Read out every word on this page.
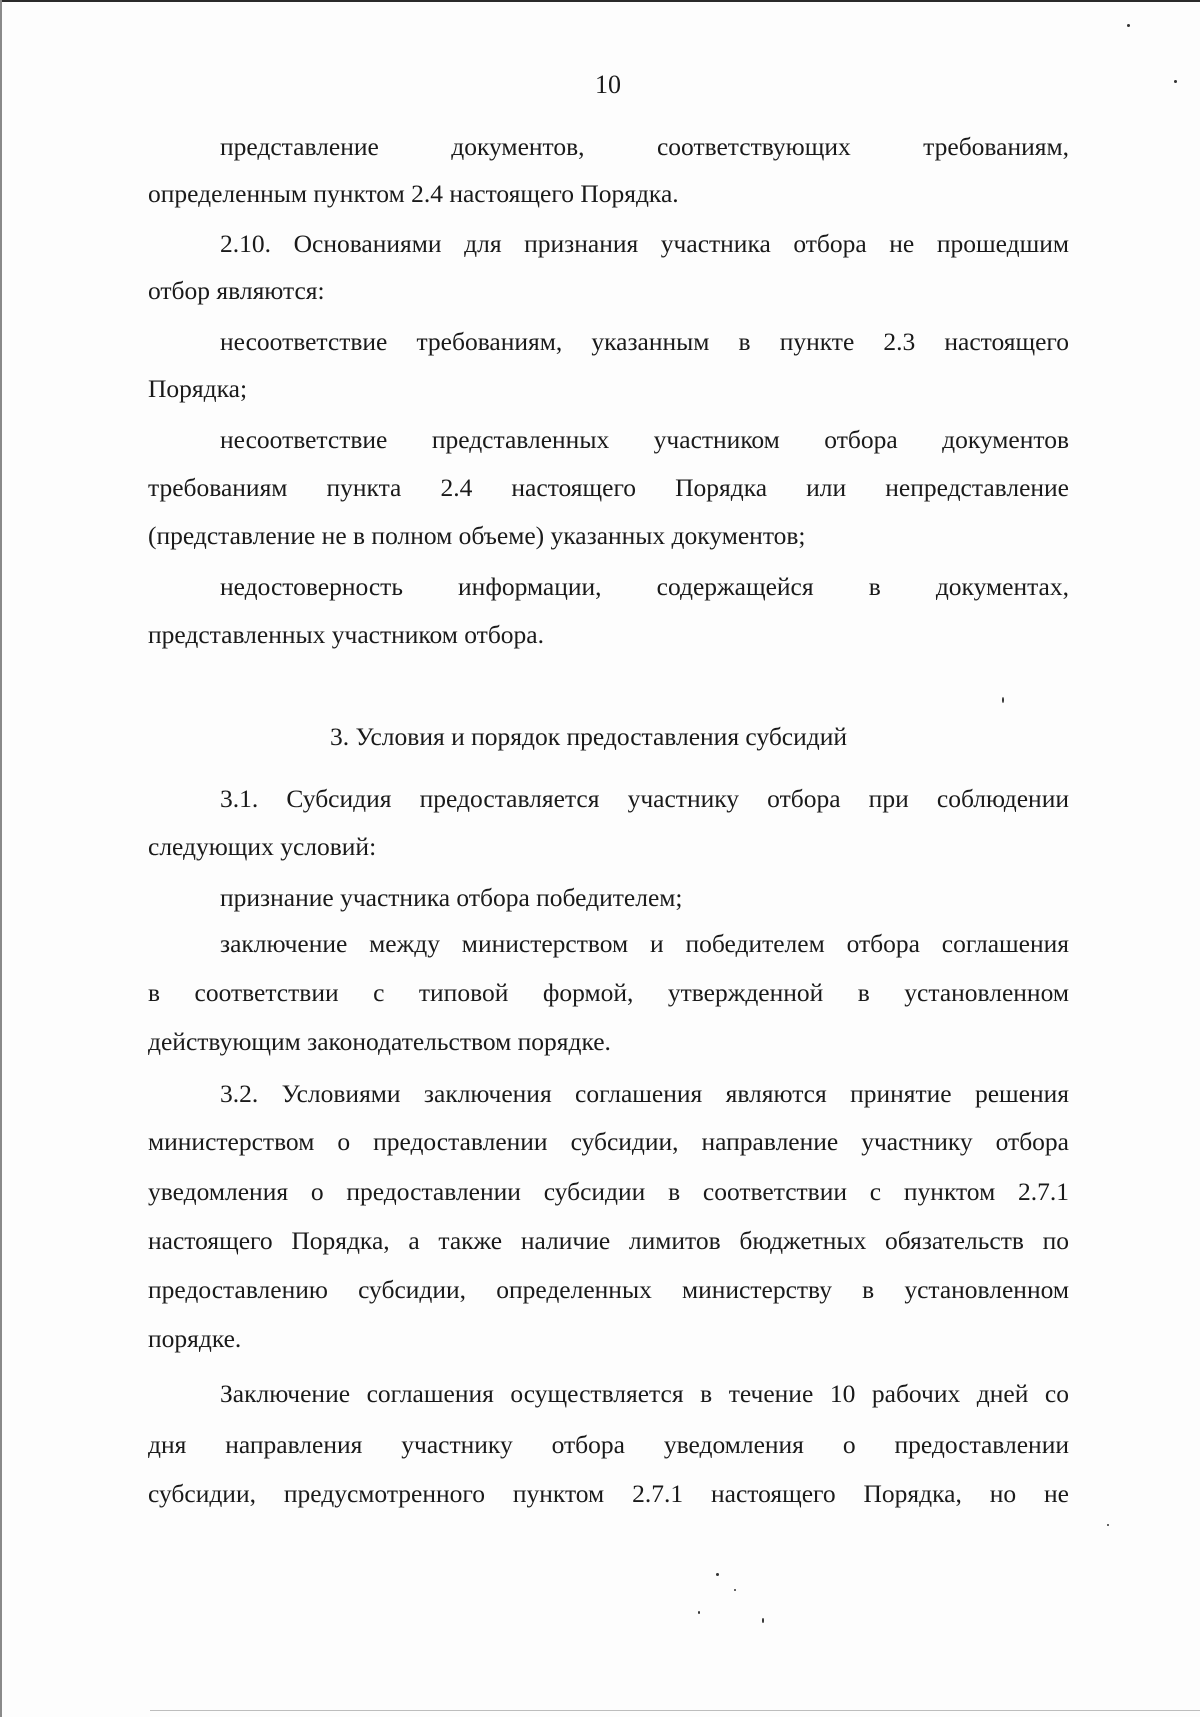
10
представление документов, соответствующих требованиям,
определенным пунктом 2.4 настоящего Порядка.
2.10. Основаниями для признания участника отбора не прошедшим
отбор являются:
несоответствие требованиям, указанным в пункте 2.3 настоящего
Порядка;
несоответствие представленных участником отбора документов
требованиям пункта 2.4 настоящего Порядка или непредставление
(представление не в полном объеме) указанных документов;
недостоверность информации, содержащейся в документах,
представленных участником отбора.
3.1. Субсидия предоставляется участнику отбора при соблюдении
следующих условий:
признание участника отбора победителем;
заключение между министерством и победителем отбора соглашения
в соответствии с типовой формой, утвержденной в установленном
действующим законодательством порядке.
3.2. Условиями заключения соглашения являются принятие решения
министерством о предоставлении субсидии, направление участнику отбора
уведомления о предоставлении субсидии в соответствии с пунктом 2.7.1
настоящего Порядка, а также наличие лимитов бюджетных обязательств по
предоставлению субсидии, определенных министерству в установленном
порядке.
Заключение соглашения осуществляется в течение 10 рабочих дней со
дня направления участнику отбора уведомления о предоставлении
субсидии, предусмотренного пунктом 2.7.1 настоящего Порядка, но не
3. Условия и порядок предоставления субсидий
